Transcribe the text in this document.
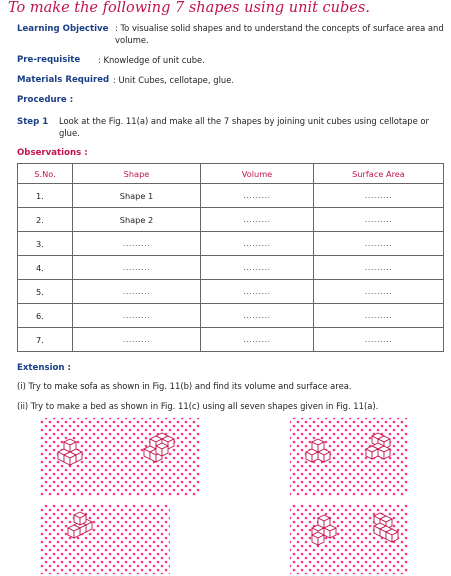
To make the following 7 shapes using unit cubes.
Learning Objective : To visualise solid shapes and to understand the concepts of surface area and volume.
Pre-requisite : Knowledge of unit cube.
Materials Required : Unit Cubes, cellotape, glue.
Procedure :
Step 1 Look at the Fig. 11(a) and make all the 7 shapes by joining unit cubes using cellotape or glue.
Observations :
S.No.	Shape	Volume	Surface Area
1.	Shape 1	.........	.........
2.	Shape 2	.........	.........
3.	.........	.........	.........
4.	.........	.........	.........
5.	.........	.........	.........
6.	.........	.........	.........
7.	.........	.........	.........
Extension :
(i) Try to make sofa as shown in Fig. 11(b) and find its volume and surface area.
(ii) Try to make a bed as shown in Fig. 11(c) using all seven shapes given in Fig. 11(a).
